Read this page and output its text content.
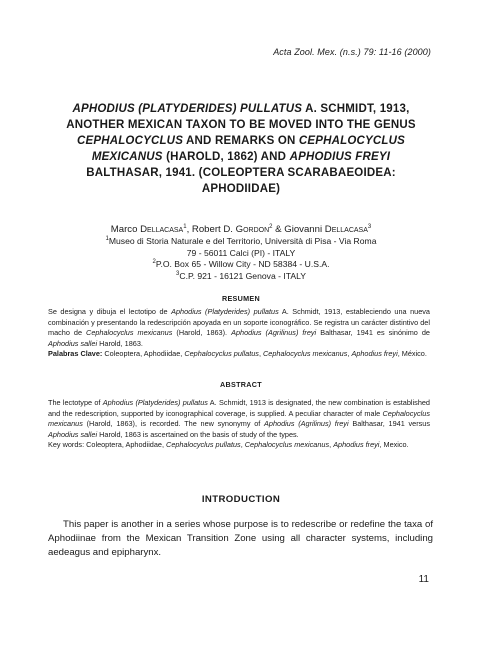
Acta Zool. Mex. (n.s.) 79: 11-16 (2000)
APHODIUS (PLATYDERIDES) PULLATUS A. SCHMIDT, 1913,
ANOTHER MEXICAN TAXON TO BE MOVED INTO THE GENUS
CEPHALOCYCLUS AND REMARKS ON CEPHALOCYCLUS
MEXICANUS (HAROLD, 1862) AND APHODIUS FREYI
BALTHASAR, 1941. (COLEOPTERA SCARABAEOIDEA:
APHODIIDAE)
Marco Dellacasa$^1$, Robert D. Gordon$^2$ & Giovanni Dellacasa$^3$
$^1$Museo di Storia Naturale e del Territorio, Università di Pisa - Via Roma
79 - 56011 Calci (PI) - ITALY
$^2$P.O. Box 65 - Willow City - ND 58384 - U.S.A.
$^3$C.P. 921 - 16121 Genova - ITALY
RESUMEN
Se designa y dibuja el lectotipo de Aphodius (Platyderides) pullatus A. Schmidt, 1913, estableciendo una nueva combinación y presentando la redescripción apoyada en un soporte iconográfico. Se registra un carácter distintivo del macho de Cephalocyclus mexicanus (Harold, 1863). Aphodius (Agrilinus) freyi Balthasar, 1941 es sinónimo de Aphodius sallei Harold, 1863.
Palabras Clave: Coleoptera, Aphodiidae, Cephalocyclus pullatus, Cephalocyclus mexicanus, Aphodius freyi, México.
ABSTRACT
The lectotype of Aphodius (Platyderides) pullatus A. Schmidt, 1913 is designated, the new combination is established and the redescription, supported by iconographical coverage, is supplied. A peculiar character of male Cephalocyclus mexicanus (Harold, 1863), is recorded. The new synonymy of Aphodius (Agrilinus) freyi Balthasar, 1941 versus Aphodius sallei Harold, 1863 is ascertained on the basis of study of the types.
Key words: Coleoptera, Aphodiidae, Cephalocyclus pullatus, Cephalocyclus mexicanus, Aphodius freyi, Mexico.
INTRODUCTION
This paper is another in a series whose purpose is to redescribe or redefine the taxa of Aphodiinae from the Mexican Transition Zone using all character systems, including aedeagus and epipharynx.
11
